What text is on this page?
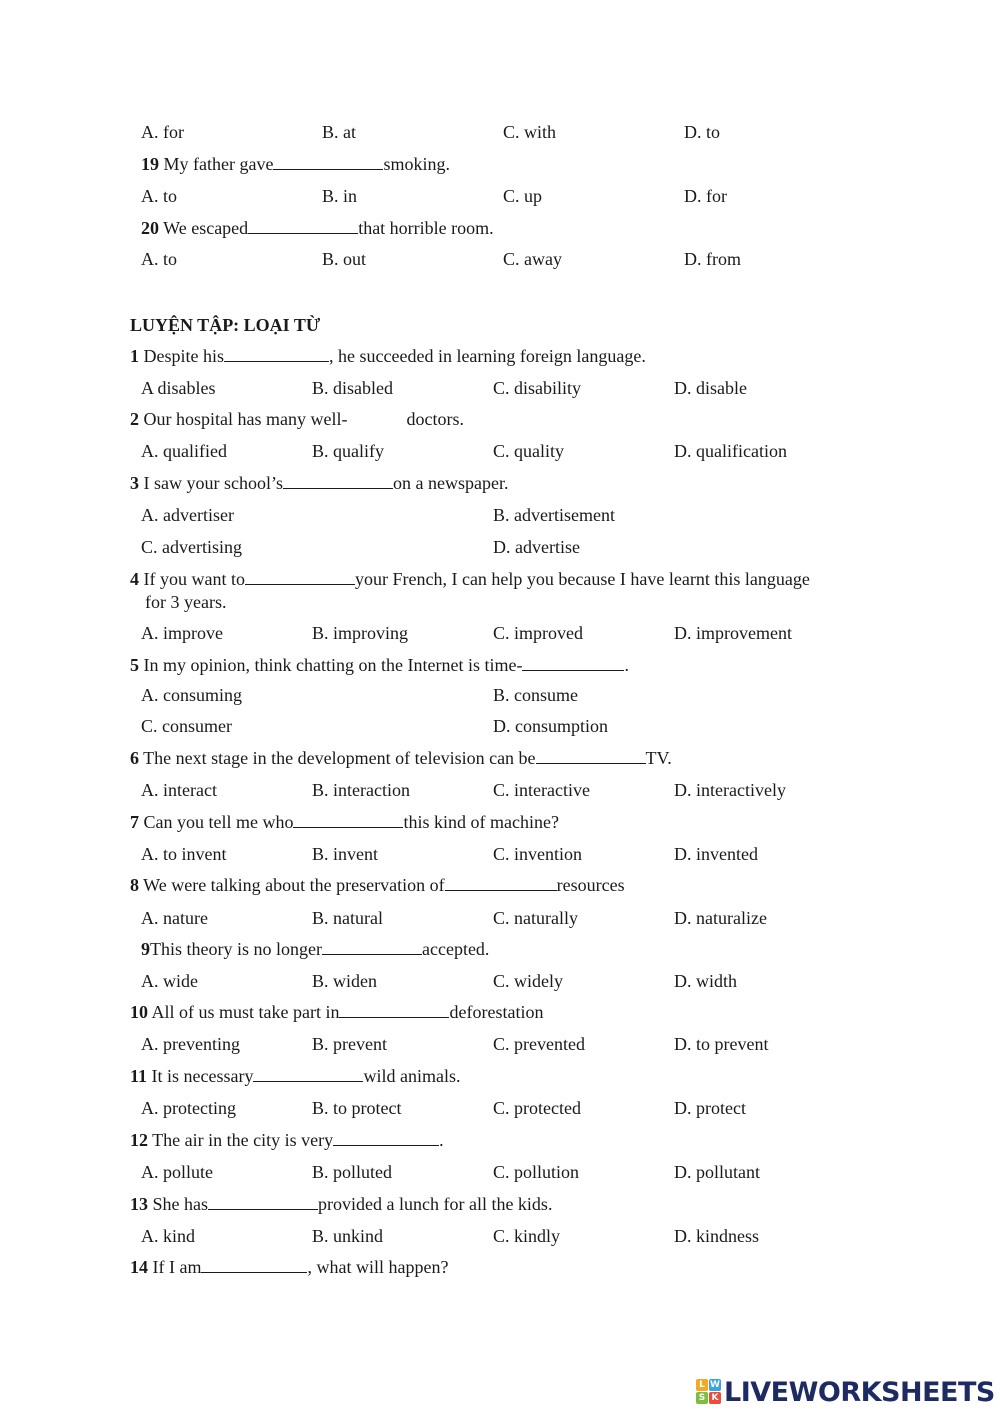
A. for	B. at	C. with	D. to
19 My father gave	smoking.
A. to	B. in	C. up	D. for
20 We escaped	that horrible room.
A. to	B. out	C. away	D. from
LUYỆN TẬP: LOẠI TỪ
1 Despite his	, he succeeded in learning foreign language.
A disables	B. disabled	C. disability	D. disable
2 Our hospital has many well-	doctors.
A. qualified	B. qualify	C. quality	D. qualification
3 I saw your school’s	on a newspaper.
A. advertiser	B. advertisement
C. advertising	D. advertise
4 If you want to	your French, I can help you because I have learnt this language
for 3 years.
A. improve	B. improving	C. improved	D. improvement
5 In my opinion, think chatting on the Internet is time-	.
A. consuming	B. consume
C. consumer	D. consumption
6 The next stage in the development of television can be	TV.
A. interact	B. interaction	C. interactive	D. interactively
7 Can you tell me who	this kind of machine?
A. to invent	B. invent	C. invention	D. invented
8 We were talking about the preservation of	resources
A. nature	B. natural	C. naturally	D. naturalize
9This theory is no longer	accepted.
A. wide	B. widen	C. widely	D. width
10 All of us must take part in	deforestation
A. preventing	B. prevent	C. prevented	D. to prevent
11 It is necessary	wild animals.
A. protecting	B. to protect	C. protected	D. protect
12 The air in the city is very	.
A. pollute	B. polluted	C. pollution	D. pollutant
13 She has	provided a lunch for all the kids.
A. kind	B. unkind	C. kindly	D. kindness
14 If I am	, what will happen?
L W
S K LIVEWORKSHEETS
